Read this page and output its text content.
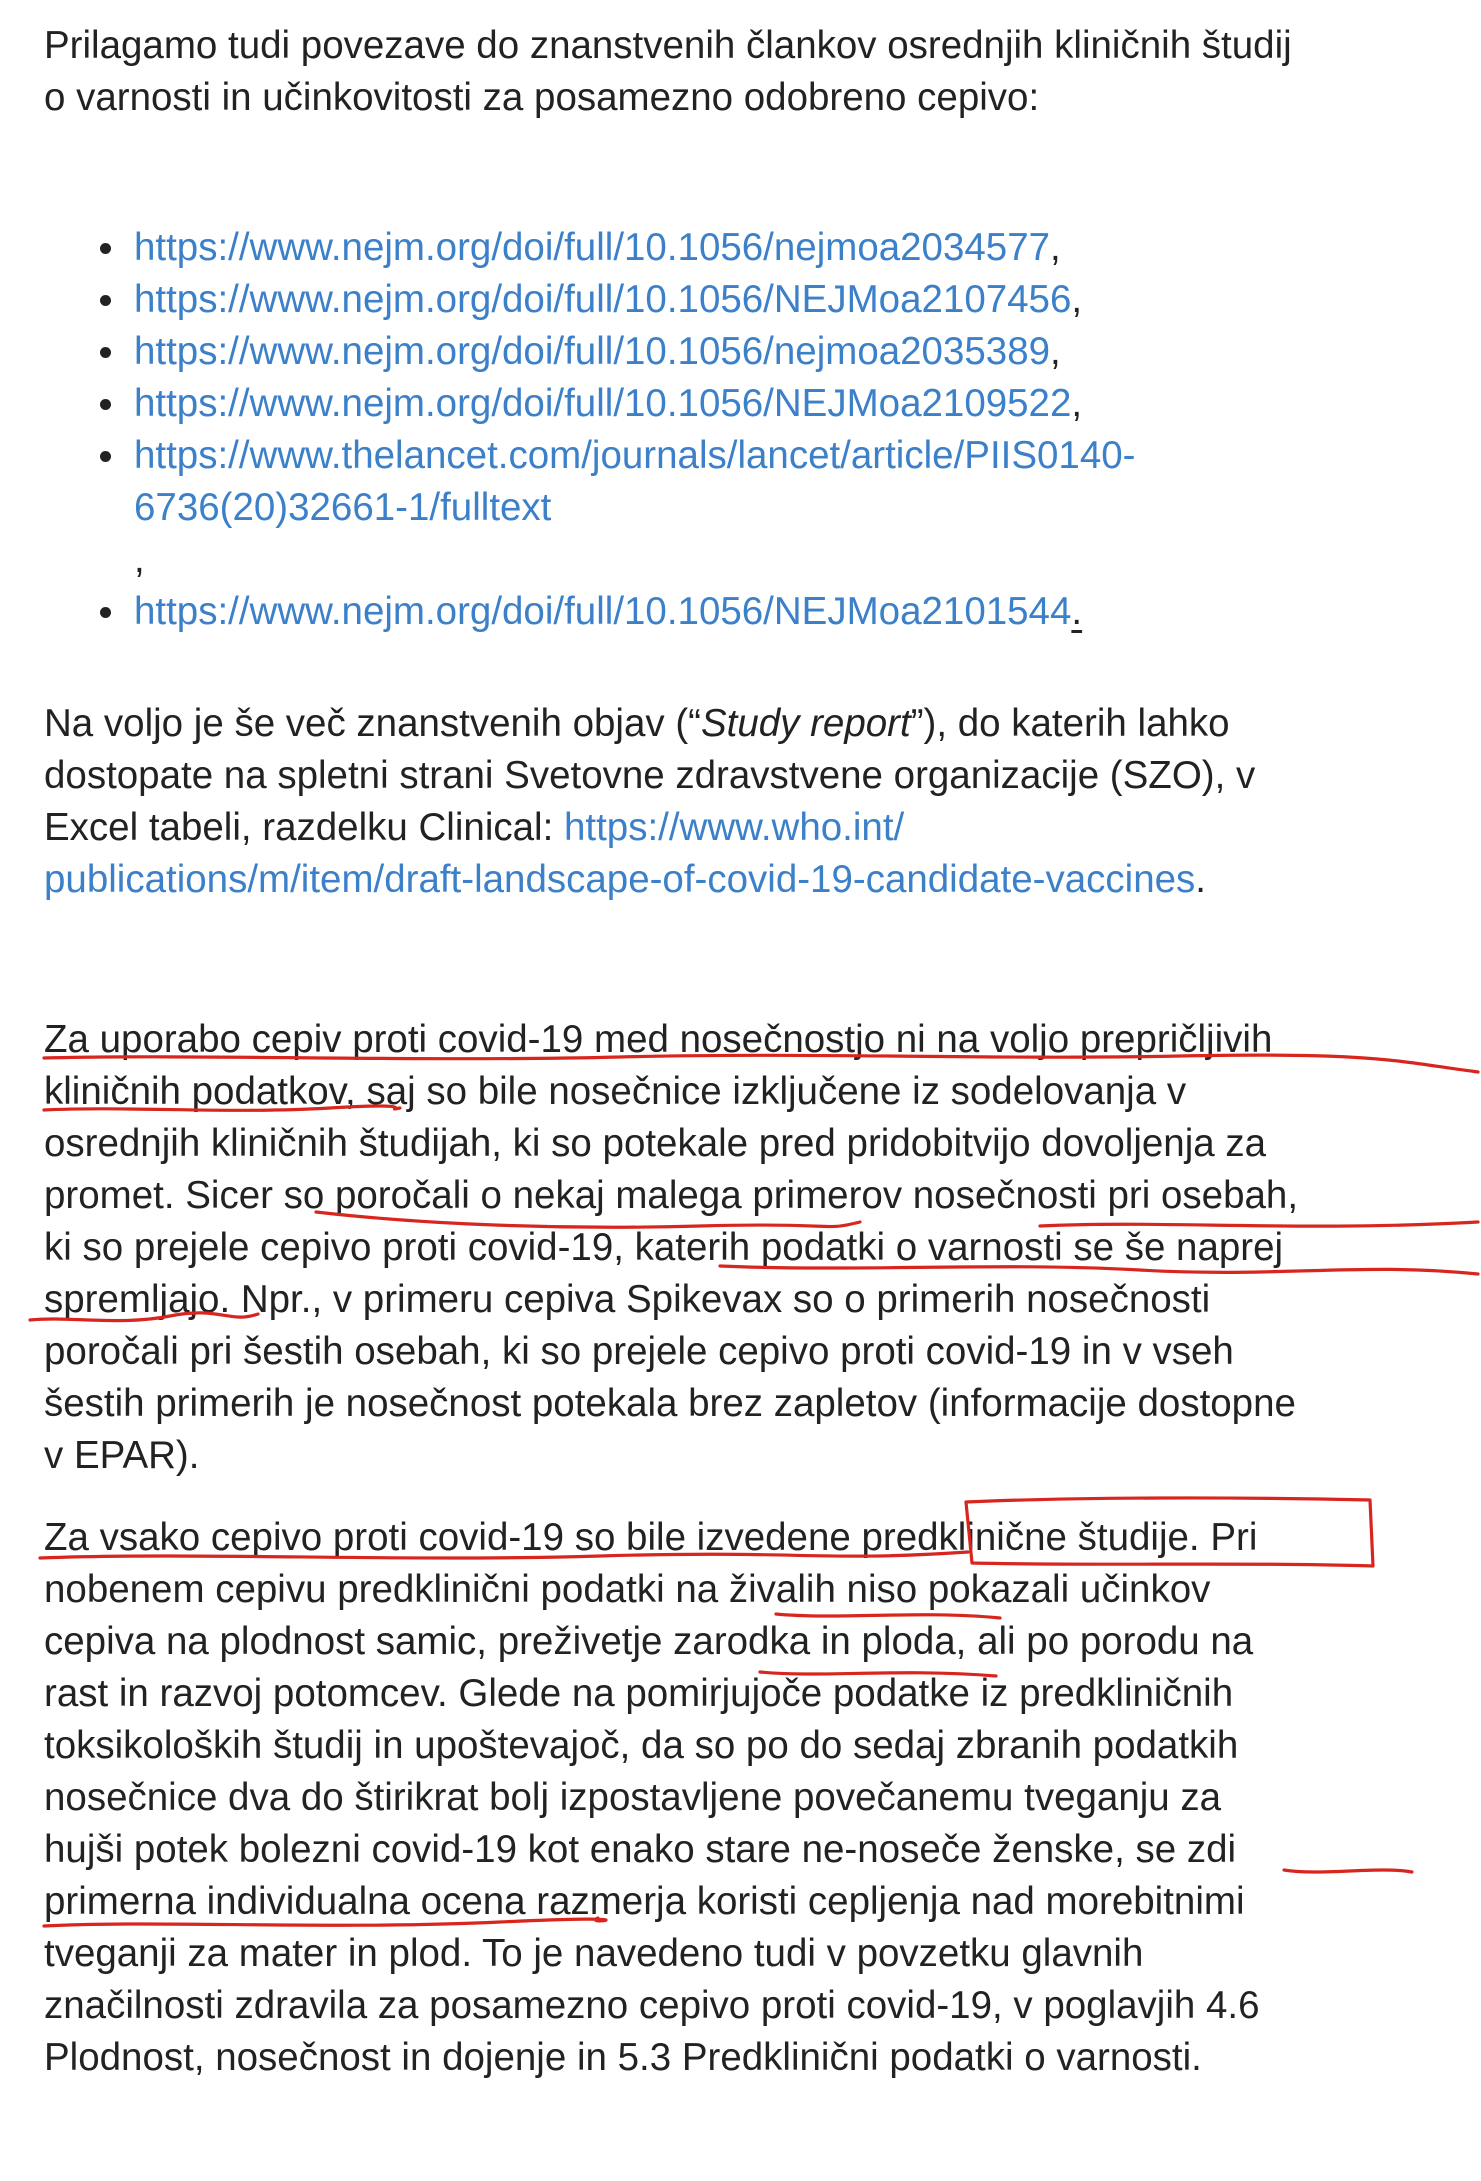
Prilagamo tudi povezave do znanstvenih člankov osrednjih kliničnih študij
o varnosti in učinkovitosti za posamezno odobreno cepivo:
https://www.nejm.org/doi/full/10.1056/nejmoa2034577,
https://www.nejm.org/doi/full/10.1056/NEJMoa2107456,
https://www.nejm.org/doi/full/10.1056/nejmoa2035389,
https://www.nejm.org/doi/full/10.1056/NEJMoa2109522,
https://www.thelancet.com/journals/lancet/article/PIIS0140-
6736(20)32661-1/fulltext
,
https://www.nejm.org/doi/full/10.1056/NEJMoa2101544.
Na voljo je še več znanstvenih objav (“Study report”), do katerih lahko
dostopate na spletni strani Svetovne zdravstvene organizacije (SZO), v
Excel tabeli, razdelku Clinical: https://www.who.int/
publications/m/item/draft-landscape-of-covid-19-candidate-vaccines.
Za uporabo cepiv proti covid-19 med nosečnostjo ni na voljo prepričljivih
kliničnih podatkov, saj so bile nosečnice izključene iz sodelovanja v
osrednjih kliničnih študijah, ki so potekale pred pridobitvijo dovoljenja za
promet. Sicer so poročali o nekaj malega primerov nosečnosti pri osebah,
ki so prejele cepivo proti covid-19, katerih podatki o varnosti se še naprej
spremljajo. Npr., v primeru cepiva Spikevax so o primerih nosečnosti
poročali pri šestih osebah, ki so prejele cepivo proti covid-19 in v vseh
šestih primerih je nosečnost potekala brez zapletov (informacije dostopne
v EPAR).
Za vsako cepivo proti covid-19 so bile izvedene predklinične študije. Pri
nobenem cepivu predklinični podatki na živalih niso pokazali učinkov
cepiva na plodnost samic, preživetje zarodka in ploda, ali po porodu na
rast in razvoj potomcev. Glede na pomirjujoče podatke iz predkliničnih
toksikoloških študij in upoštevajoč, da so po do sedaj zbranih podatkih
nosečnice dva do štirikrat bolj izpostavljene povečanemu tveganju za
hujši potek bolezni covid-19 kot enako stare ne-noseče ženske, se zdi
primerna individualna ocena razmerja koristi cepljenja nad morebitnimi
tveganji za mater in plod. To je navedeno tudi v povzetku glavnih
značilnosti zdravila za posamezno cepivo proti covid-19, v poglavjih 4.6
Plodnost, nosečnost in dojenje in 5.3 Predklinični podatki o varnosti.
